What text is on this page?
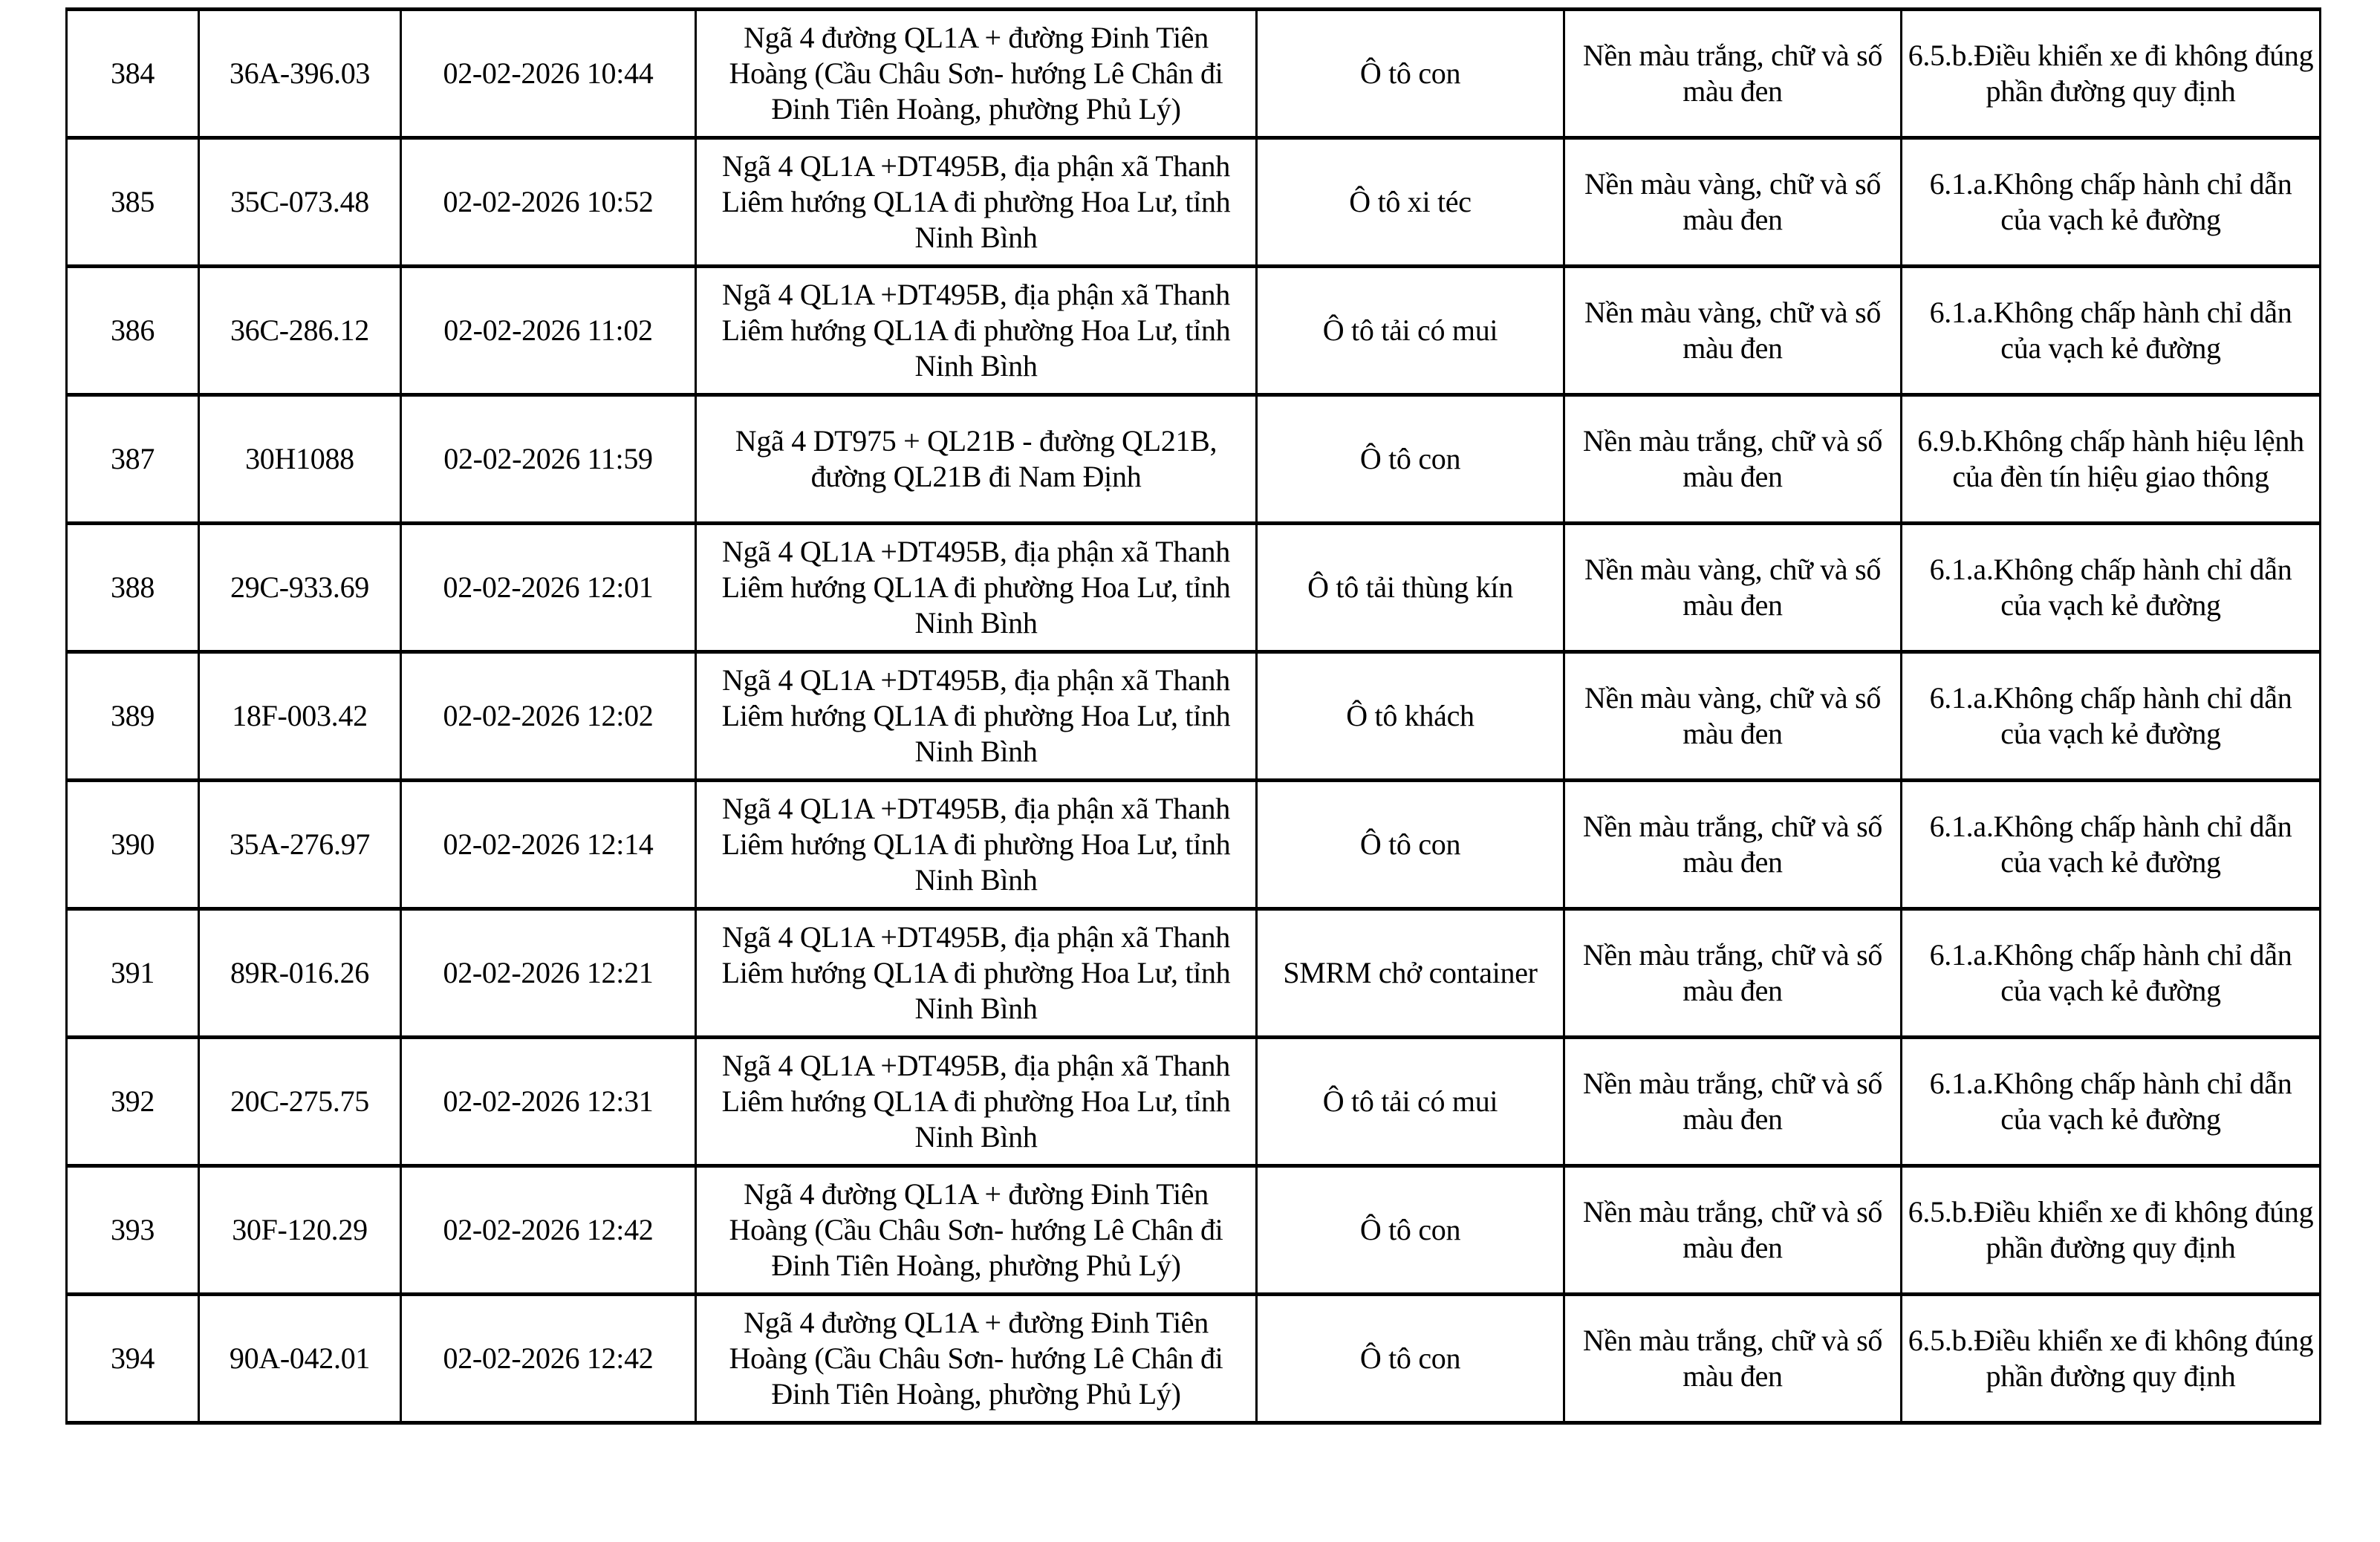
384	36A-396.03	02-02-2026 10:44	Ngã 4 đường QL1A + đường Đinh Tiên Hoàng (Cầu Châu Sơn- hướng Lê Chân đi Đinh Tiên Hoàng, phường Phủ Lý)	Ô tô con	Nền màu trắng, chữ và số màu đen	6.5.b.Điều khiển xe đi không đúng phần đường quy định
385	35C-073.48	02-02-2026 10:52	Ngã 4 QL1A +DT495B, địa phận xã Thanh Liêm hướng QL1A đi phường Hoa Lư, tỉnh Ninh Bình	Ô tô xi téc	Nền màu vàng, chữ và số màu đen	6.1.a.Không chấp hành chỉ dẫn của vạch kẻ đường
386	36C-286.12	02-02-2026 11:02	Ngã 4 QL1A +DT495B, địa phận xã Thanh Liêm hướng QL1A đi phường Hoa Lư, tỉnh Ninh Bình	Ô tô tải có mui	Nền màu vàng, chữ và số màu đen	6.1.a.Không chấp hành chỉ dẫn của vạch kẻ đường
387	30H1088	02-02-2026 11:59	Ngã 4 DT975 + QL21B - đường QL21B, đường QL21B đi Nam Định	Ô tô con	Nền màu trắng, chữ và số màu đen	6.9.b.Không chấp hành hiệu lệnh của đèn tín hiệu giao thông
388	29C-933.69	02-02-2026 12:01	Ngã 4 QL1A +DT495B, địa phận xã Thanh Liêm hướng QL1A đi phường Hoa Lư, tỉnh Ninh Bình	Ô tô tải thùng kín	Nền màu vàng, chữ và số màu đen	6.1.a.Không chấp hành chỉ dẫn của vạch kẻ đường
389	18F-003.42	02-02-2026 12:02	Ngã 4 QL1A +DT495B, địa phận xã Thanh Liêm hướng QL1A đi phường Hoa Lư, tỉnh Ninh Bình	Ô tô khách	Nền màu vàng, chữ và số màu đen	6.1.a.Không chấp hành chỉ dẫn của vạch kẻ đường
390	35A-276.97	02-02-2026 12:14	Ngã 4 QL1A +DT495B, địa phận xã Thanh Liêm hướng QL1A đi phường Hoa Lư, tỉnh Ninh Bình	Ô tô con	Nền màu trắng, chữ và số màu đen	6.1.a.Không chấp hành chỉ dẫn của vạch kẻ đường
391	89R-016.26	02-02-2026 12:21	Ngã 4 QL1A +DT495B, địa phận xã Thanh Liêm hướng QL1A đi phường Hoa Lư, tỉnh Ninh Bình	SMRM chở container	Nền màu trắng, chữ và số màu đen	6.1.a.Không chấp hành chỉ dẫn của vạch kẻ đường
392	20C-275.75	02-02-2026 12:31	Ngã 4 QL1A +DT495B, địa phận xã Thanh Liêm hướng QL1A đi phường Hoa Lư, tỉnh Ninh Bình	Ô tô tải có mui	Nền màu trắng, chữ và số màu đen	6.1.a.Không chấp hành chỉ dẫn của vạch kẻ đường
393	30F-120.29	02-02-2026 12:42	Ngã 4 đường QL1A + đường Đinh Tiên Hoàng (Cầu Châu Sơn- hướng Lê Chân đi Đinh Tiên Hoàng, phường Phủ Lý)	Ô tô con	Nền màu trắng, chữ và số màu đen	6.5.b.Điều khiển xe đi không đúng phần đường quy định
394	90A-042.01	02-02-2026 12:42	Ngã 4 đường QL1A + đường Đinh Tiên Hoàng (Cầu Châu Sơn- hướng Lê Chân đi Đinh Tiên Hoàng, phường Phủ Lý)	Ô tô con	Nền màu trắng, chữ và số màu đen	6.5.b.Điều khiển xe đi không đúng phần đường quy định
